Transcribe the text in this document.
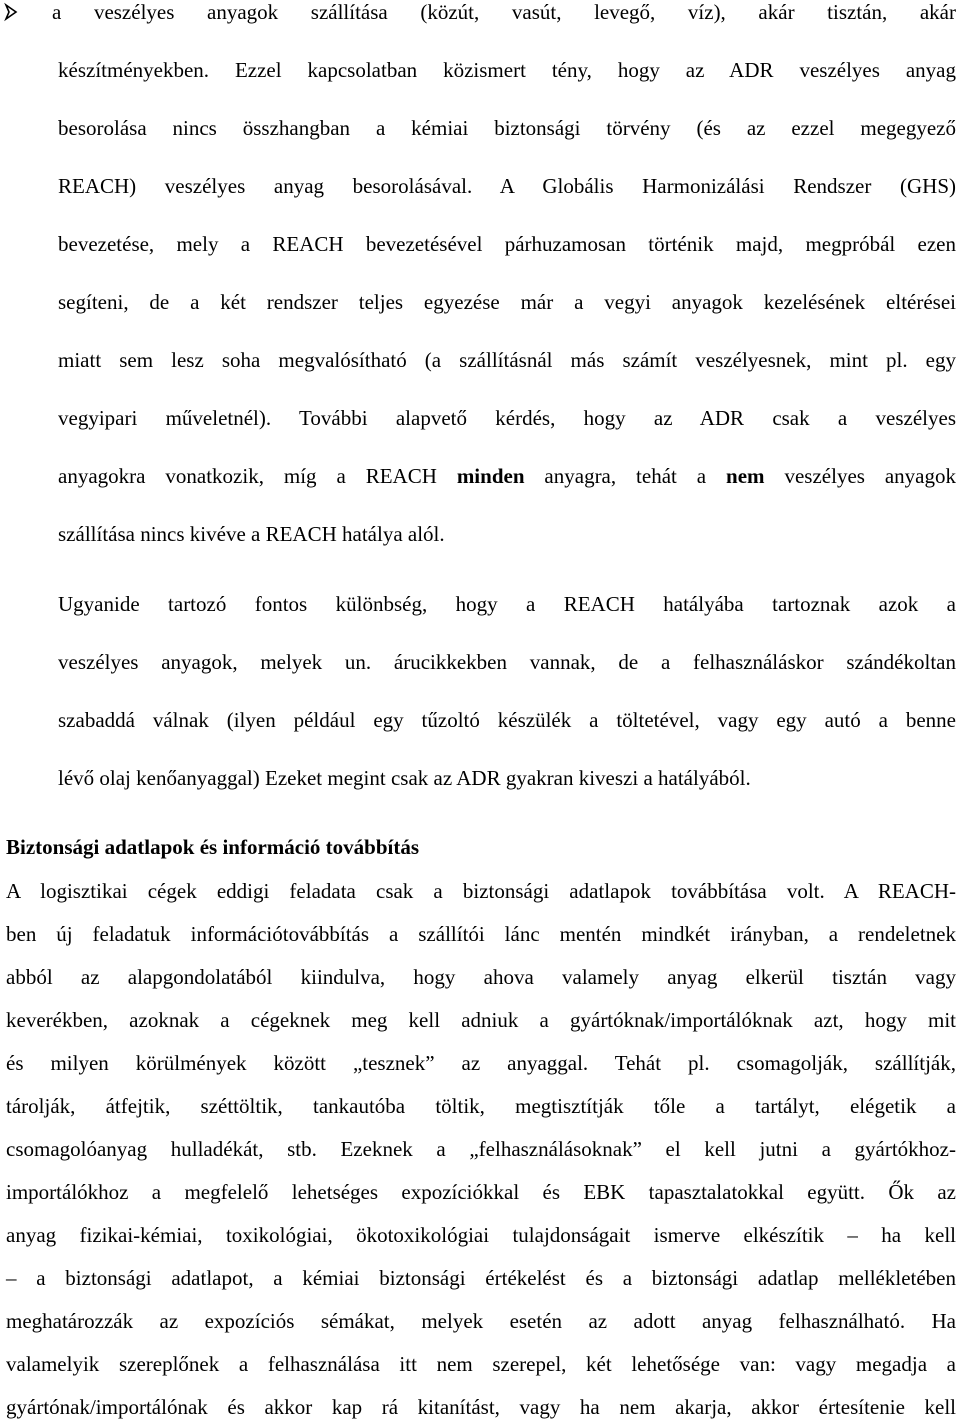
a veszélyes anyagok szállítása (közút, vasút, levegő, víz), akár tisztán, akár
készítményekben. Ezzel kapcsolatban közismert tény, hogy az ADR veszélyes anyag
besorolása nincs összhangban a kémiai biztonsági törvény (és az ezzel megegyező
REACH) veszélyes anyag besorolásával. A Globális Harmonizálási Rendszer (GHS)
bevezetése, mely a REACH bevezetésével párhuzamosan történik majd, megpróbál ezen
segíteni, de a két rendszer teljes egyezése már a vegyi anyagok kezelésének eltérései
miatt sem lesz soha megvalósítható (a szállításnál más számít veszélyesnek, mint pl. egy
vegyipari műveletnél). További alapvető kérdés, hogy az ADR csak a veszélyes
anyagokra vonatkozik, míg a REACH minden anyagra, tehát a nem veszélyes anyagok
szállítása nincs kivéve a REACH hatálya alól.
Ugyanide tartozó fontos különbség, hogy a REACH hatályába tartoznak azok a
veszélyes anyagok, melyek un. árucikkekben vannak, de a felhasználáskor szándékoltan
szabaddá válnak (ilyen például egy tűzoltó készülék a töltetével, vagy egy autó a benne
lévő olaj kenőanyaggal) Ezeket megint csak az ADR gyakran kiveszi a hatályából.
Biztonsági adatlapok és információ továbbítás
A logisztikai cégek eddigi feladata csak a biztonsági adatlapok továbbítása volt. A REACH-
ben új feladatuk információtovábbítás a szállítói lánc mentén mindkét irányban, a rendeletnek
abból az alapgondolatából kiindulva, hogy ahova valamely anyag elkerül tisztán vagy
keverékben, azoknak a cégeknek meg kell adniuk a gyártóknak/importálóknak azt, hogy mit
és milyen körülmények között „tesznek” az anyaggal. Tehát pl. csomagolják, szállítják,
tárolják, átfejtik, széttöltik, tankautóba töltik, megtisztítják tőle a tartályt, elégetik a
csomagolóanyag hulladékát, stb. Ezeknek a „felhasználásoknak” el kell jutni a gyártókhoz-
importálókhoz a megfelelő lehetséges expozíciókkal és EBK tapasztalatokkal együtt. Ők az
anyag fizikai-kémiai, toxikológiai, ökotoxikológiai tulajdonságait ismerve elkészítik – ha kell
– a biztonsági adatlapot, a kémiai biztonsági értékelést és a biztonsági adatlap mellékletében
meghatározzák az expozíciós sémákat, melyek esetén az adott anyag felhasználható. Ha
valamelyik szereplőnek a felhasználása itt nem szerepel, két lehetősége van: vagy megadja a
gyártónak/importálónak és akkor kap rá kitanítást, vagy ha nem akarja, akkor értesítenie kell
